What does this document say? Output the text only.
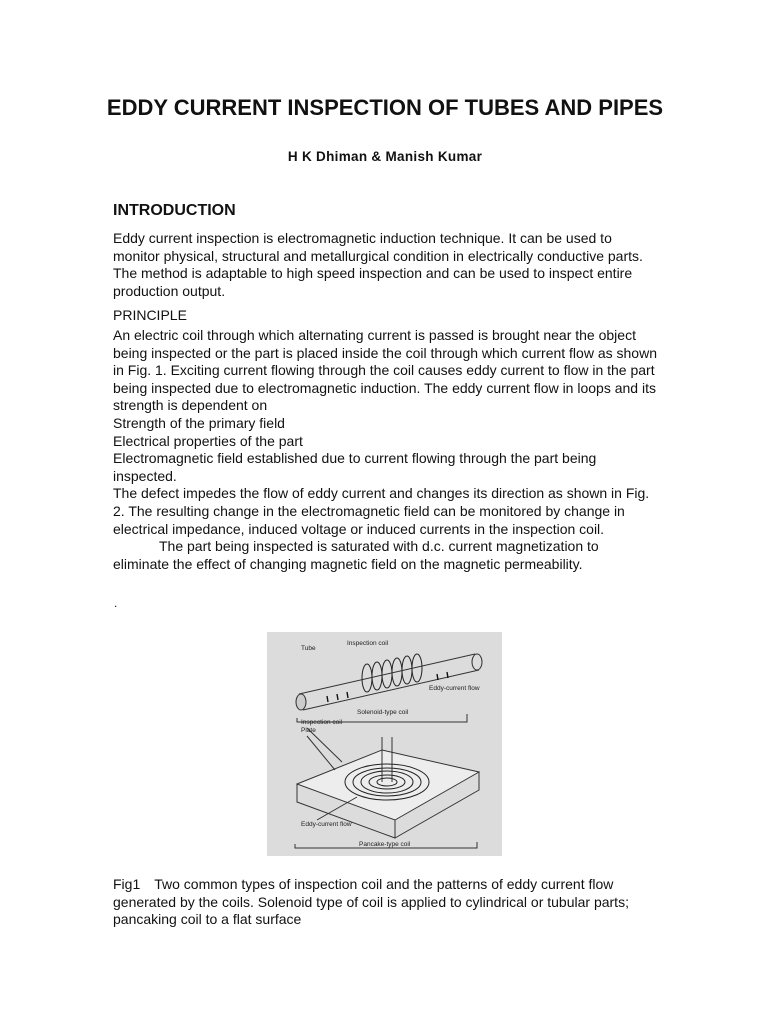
EDDY CURRENT INSPECTION OF TUBES AND PIPES
H K Dhiman & Manish Kumar
INTRODUCTION
Eddy current inspection is electromagnetic induction technique. It can be used to monitor physical, structural and metallurgical condition in electrically conductive parts. The method is adaptable to high speed inspection and can be used to inspect entire production output.
PRINCIPLE

An electric coil through which alternating current is passed is brought near the object being inspected or the part is placed inside the coil through which current flow as shown in Fig. 1. Exciting current flowing through the coil causes eddy current to flow in the part being inspected due to electromagnetic induction. The eddy current flow in loops and its strength is dependent on

Strength of the primary field

Electrical properties of the part

Electromagnetic field established due to current flowing through the part being inspected.

The defect impedes the flow of eddy current and changes its direction as shown in Fig. 2. The resulting change in the electromagnetic field can be monitored by change in electrical impedance, induced voltage or induced currents in the inspection coil.

The part being inspected is saturated with d.c. current magnetization to eliminate the effect of changing magnetic field on the magnetic permeability.

.
Tube
Inspection coil
Eddy-current flow
Solenoid-type coil
Inspection coil
Plate
Eddy-current flow
Pancake-type coil
Fig1 Two common types of inspection coil and the patterns of eddy current flow generated by the coils. Solenoid type of coil is applied to cylindrical or tubular parts; pancaking coil to a flat surface
